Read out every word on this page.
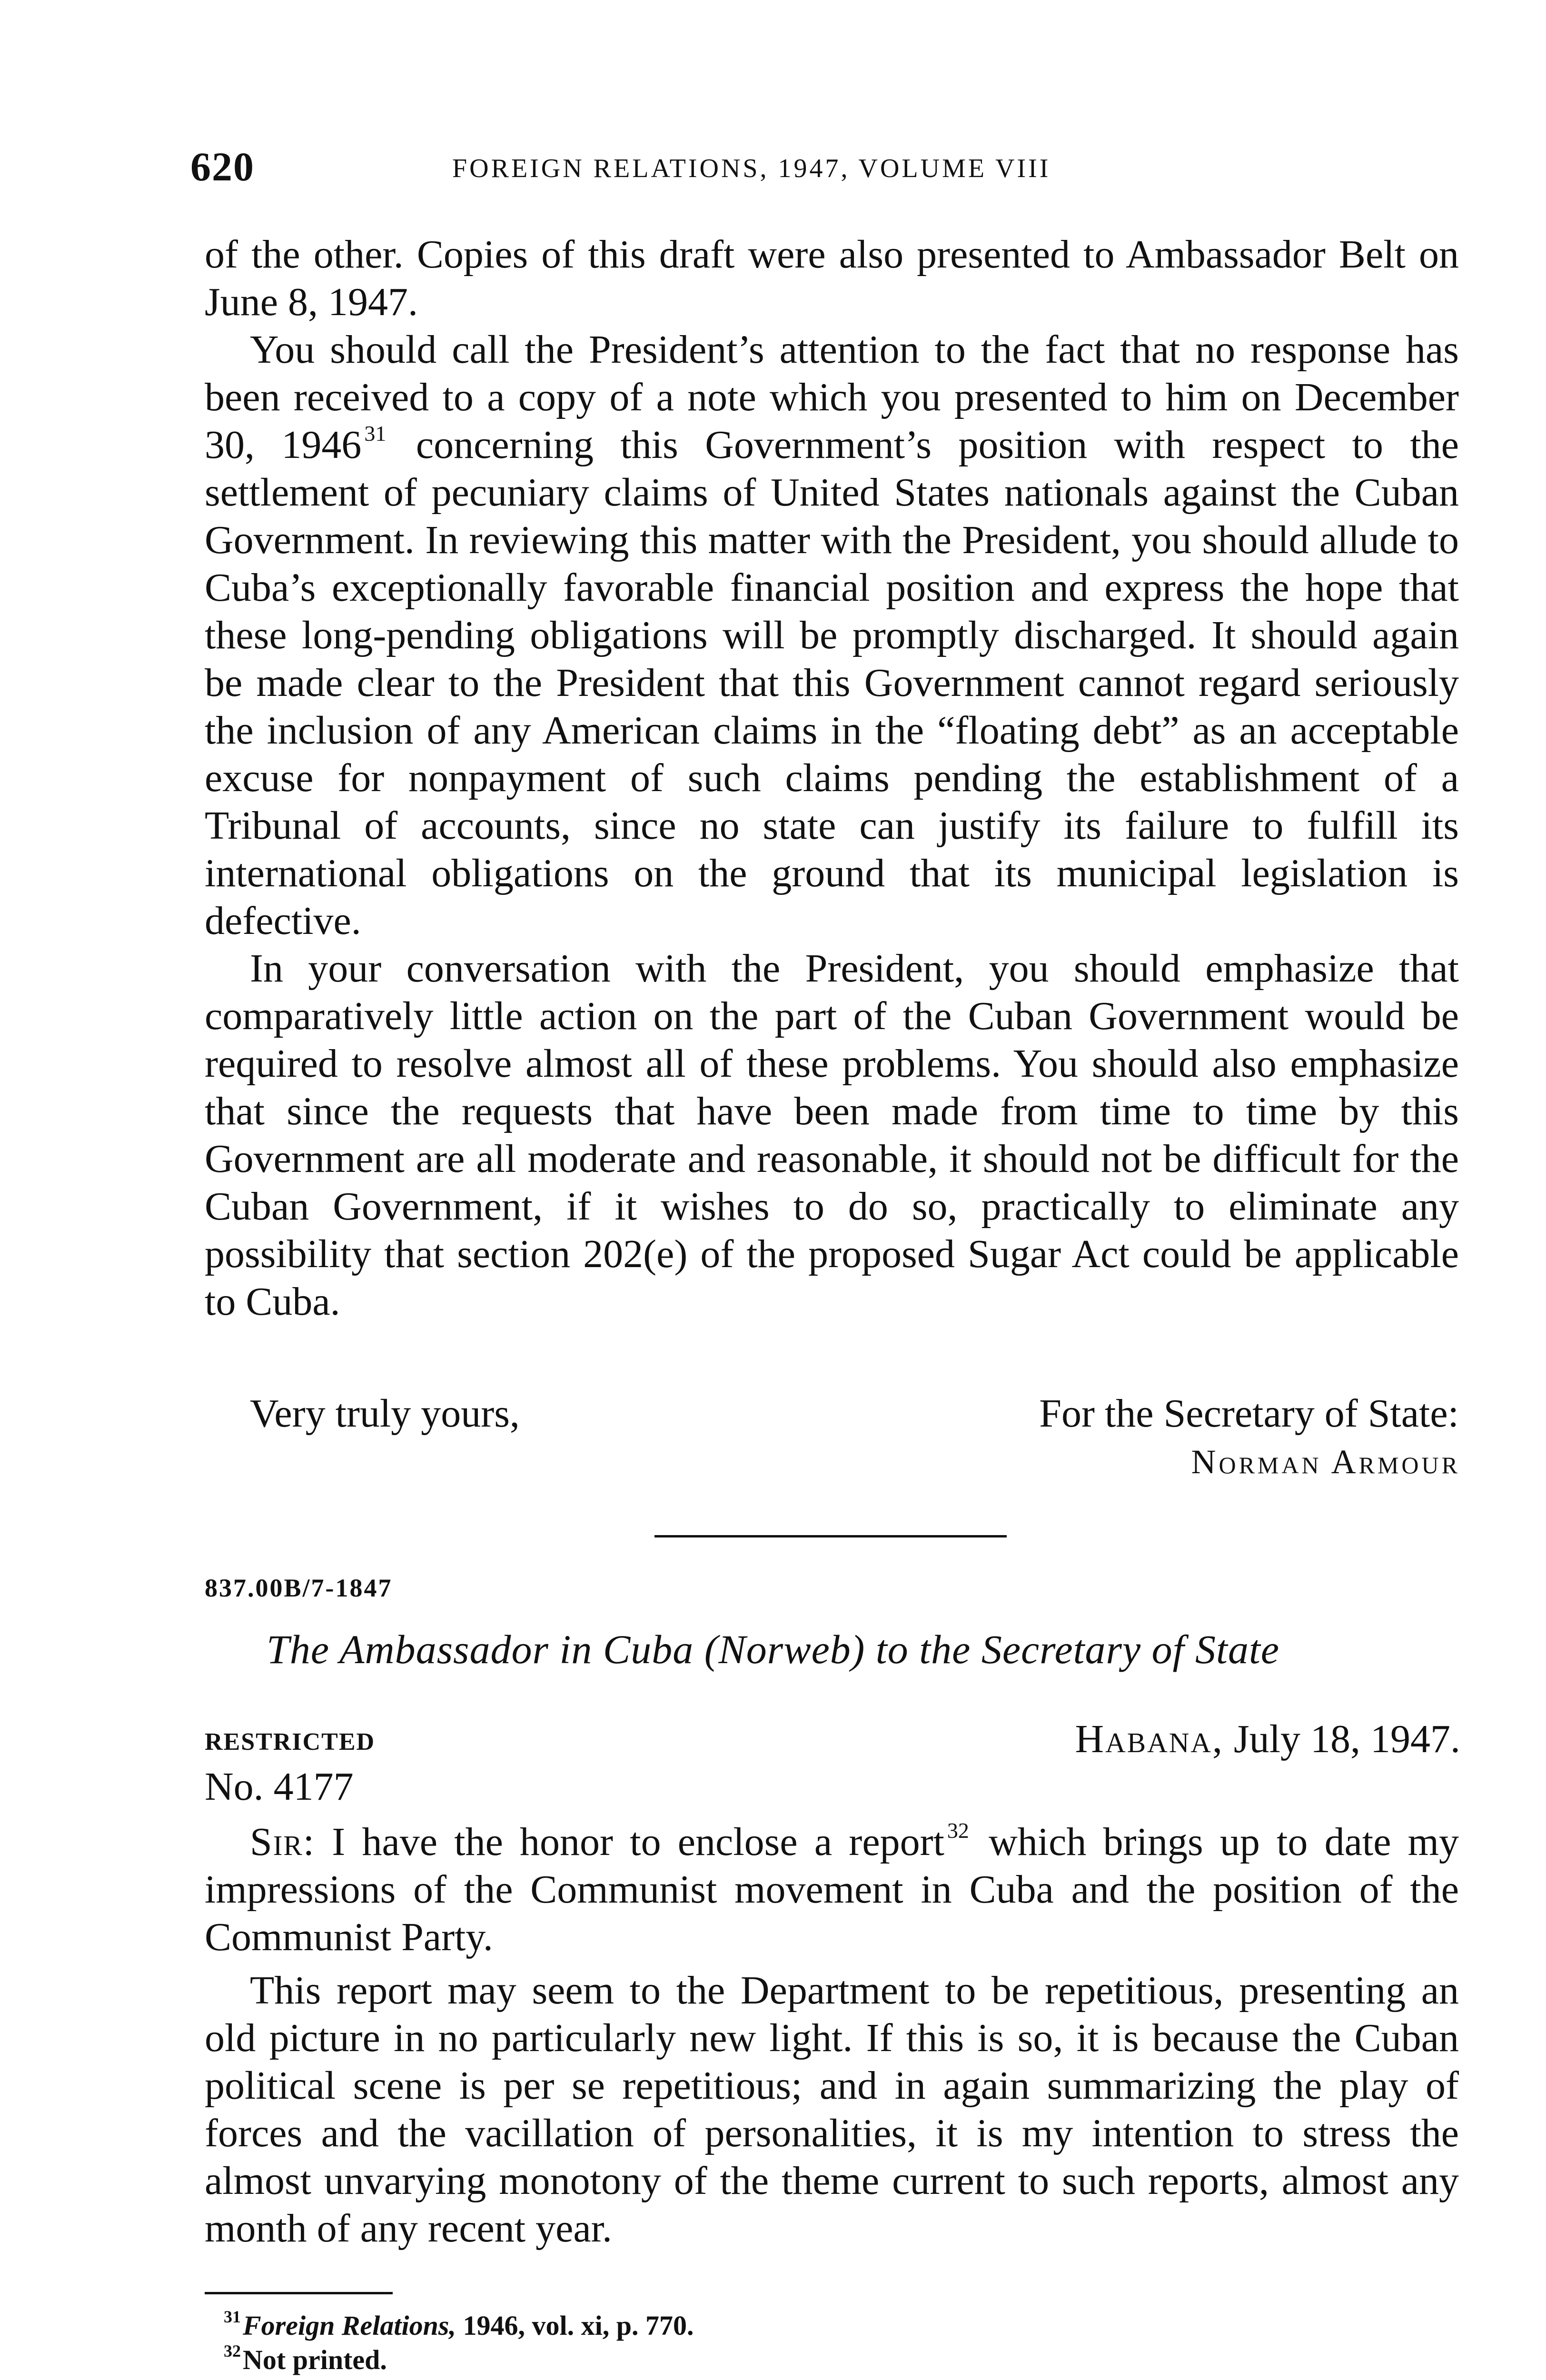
620	FOREIGN RELATIONS, 1947, VOLUME VIII

of the other. Copies of this draft were also presented to Ambassador Belt on June 8, 1947.

You should call the President’s attention to the fact that no response has been received to a copy of a note which you presented to him on December 30, 1946 $^{31}$ concerning this Government’s position with respect to the settlement of pecuniary claims of United States nationals against the Cuban Government. In reviewing this matter with the President, you should allude to Cuba’s exceptionally favorable financial position and express the hope that these long-pending obligations will be promptly discharged. It should again be made clear to the President that this Government cannot regard seriously the inclusion of any American claims in the “floating debt” as an acceptable excuse for nonpayment of such claims pending the establishment of a Tribunal of accounts, since no state can justify its failure to fulfill its international obligations on the ground that its municipal legislation is defective.

In your conversation with the President, you should emphasize that comparatively little action on the part of the Cuban Government would be required to resolve almost all of these problems. You should also emphasize that since the requests that have been made from time to time by this Government are all moderate and reasonable, it should not be difficult for the Cuban Government, if it wishes to do so, practically to eliminate any possibility that section 202(e) of the proposed Sugar Act could be applicable to Cuba.

Very truly yours,	For the Secretary of State:
Norman Armour
837.00B/7-1847
The Ambassador in Cuba (Norweb) to the Secretary of State
RESTRICTED	Habana, July 18, 1947.
No. 4177

Sir: I have the honor to enclose a report $^{32}$ which brings up to date my impressions of the Communist movement in Cuba and the position of the Communist Party.

This report may seem to the Department to be repetitious, presenting an old picture in no particularly new light. If this is so, it is because the Cuban political scene is per se repetitious; and in again summarizing the play of forces and the vacillation of personalities, it is my intention to stress the almost unvarying monotony of the theme current to such reports, almost any month of any recent year.

$^{31}$Foreign Relations, 1946, vol. xi, p. 770.
$^{32}$Not printed.
